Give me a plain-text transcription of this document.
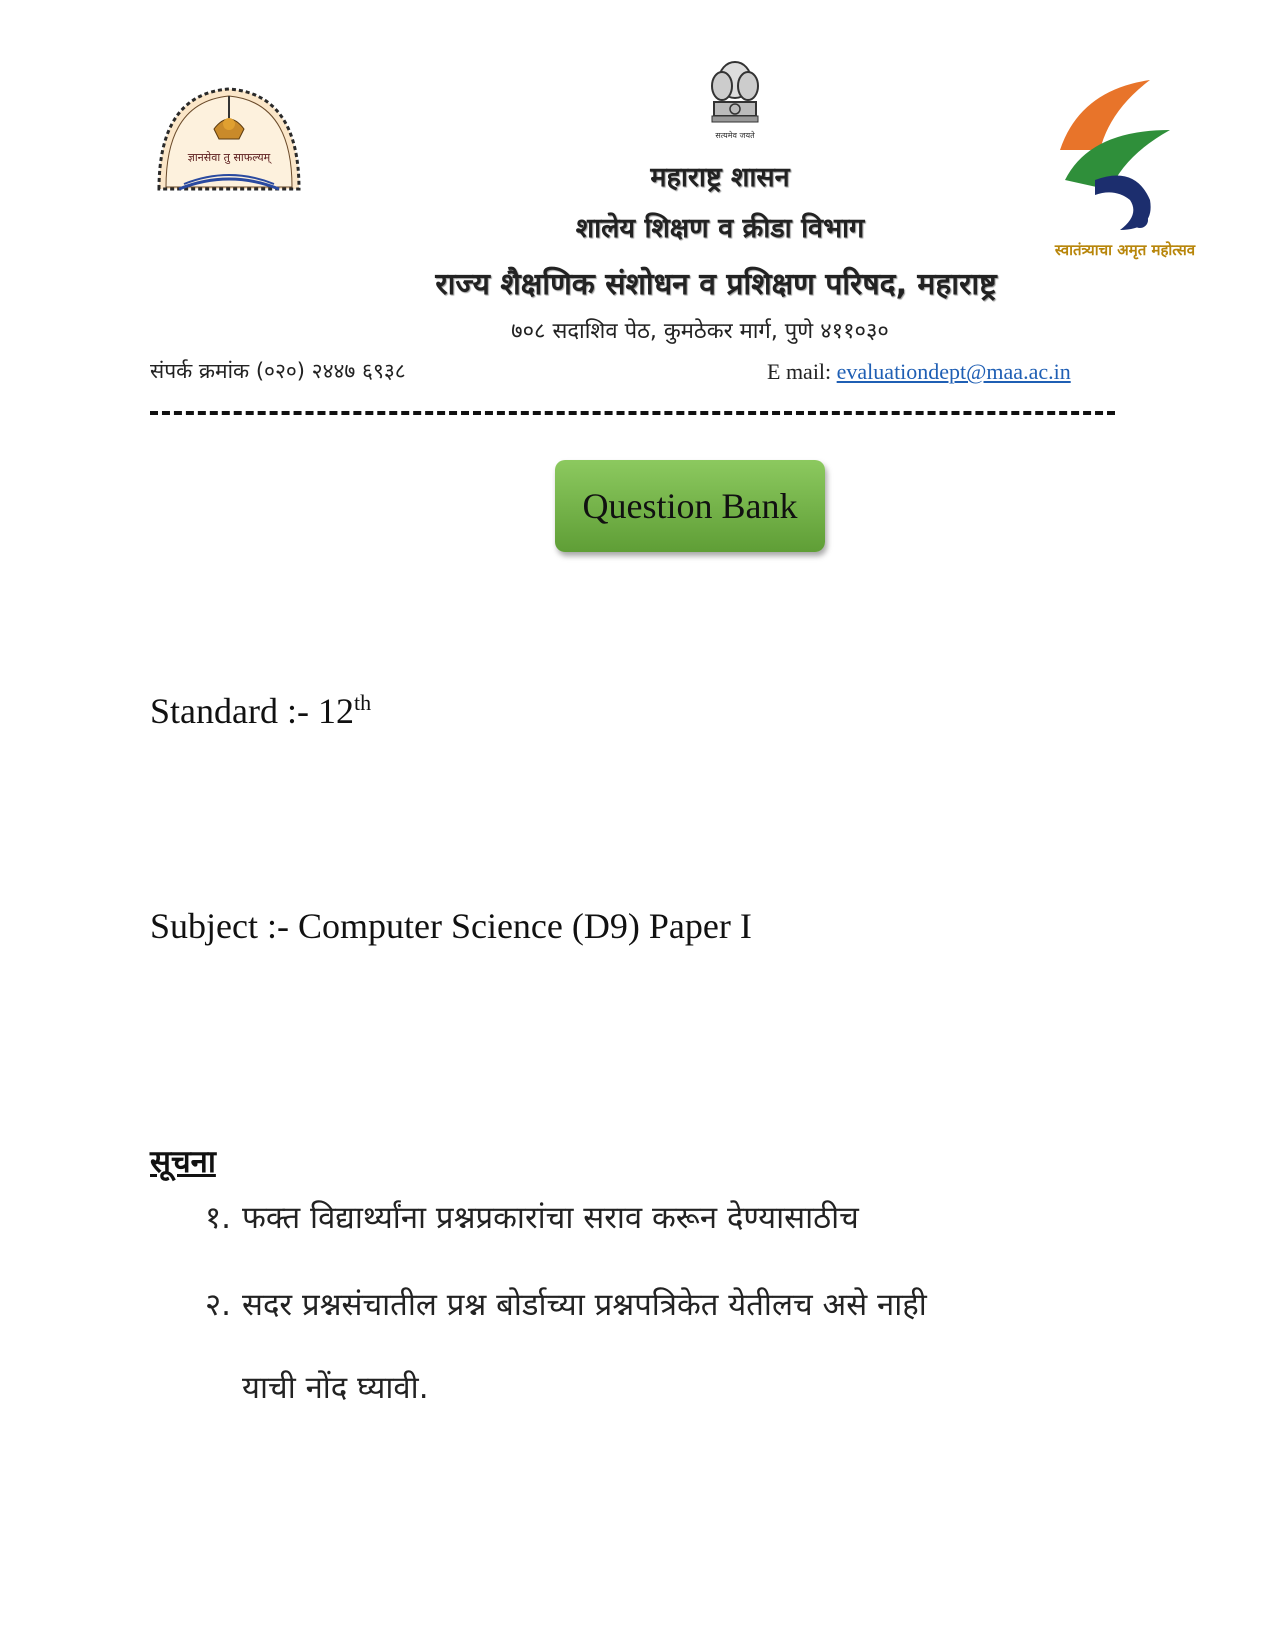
ज्ञानसेवा तु साफल्यम्
सत्यमेव जयते
स्वातंत्र्याचा अमृत महोत्सव
महाराष्ट्र शासन
शालेय शिक्षण व क्रीडा विभाग
राज्य शैक्षणिक संशोधन व प्रशिक्षण परिषद, महाराष्ट्र
७०८ सदाशिव पेठ, कुमठेकर मार्ग, पुणे ४११०३०
संपर्क क्रमांक (०२०) २४४७ ६९३८	E mail: evaluationdept@maa.ac.in
Question Bank
Standard :- 12th
Subject :- Computer Science (D9) Paper I
सूचना
१. फक्त विद्यार्थ्यांना प्रश्नप्रकारांचा सराव करून देण्यासाठीच
२. सदर प्रश्नसंचातील प्रश्न बोर्डाच्या प्रश्नपत्रिकेत येतीलच असे नाही
याची नोंद घ्यावी.
